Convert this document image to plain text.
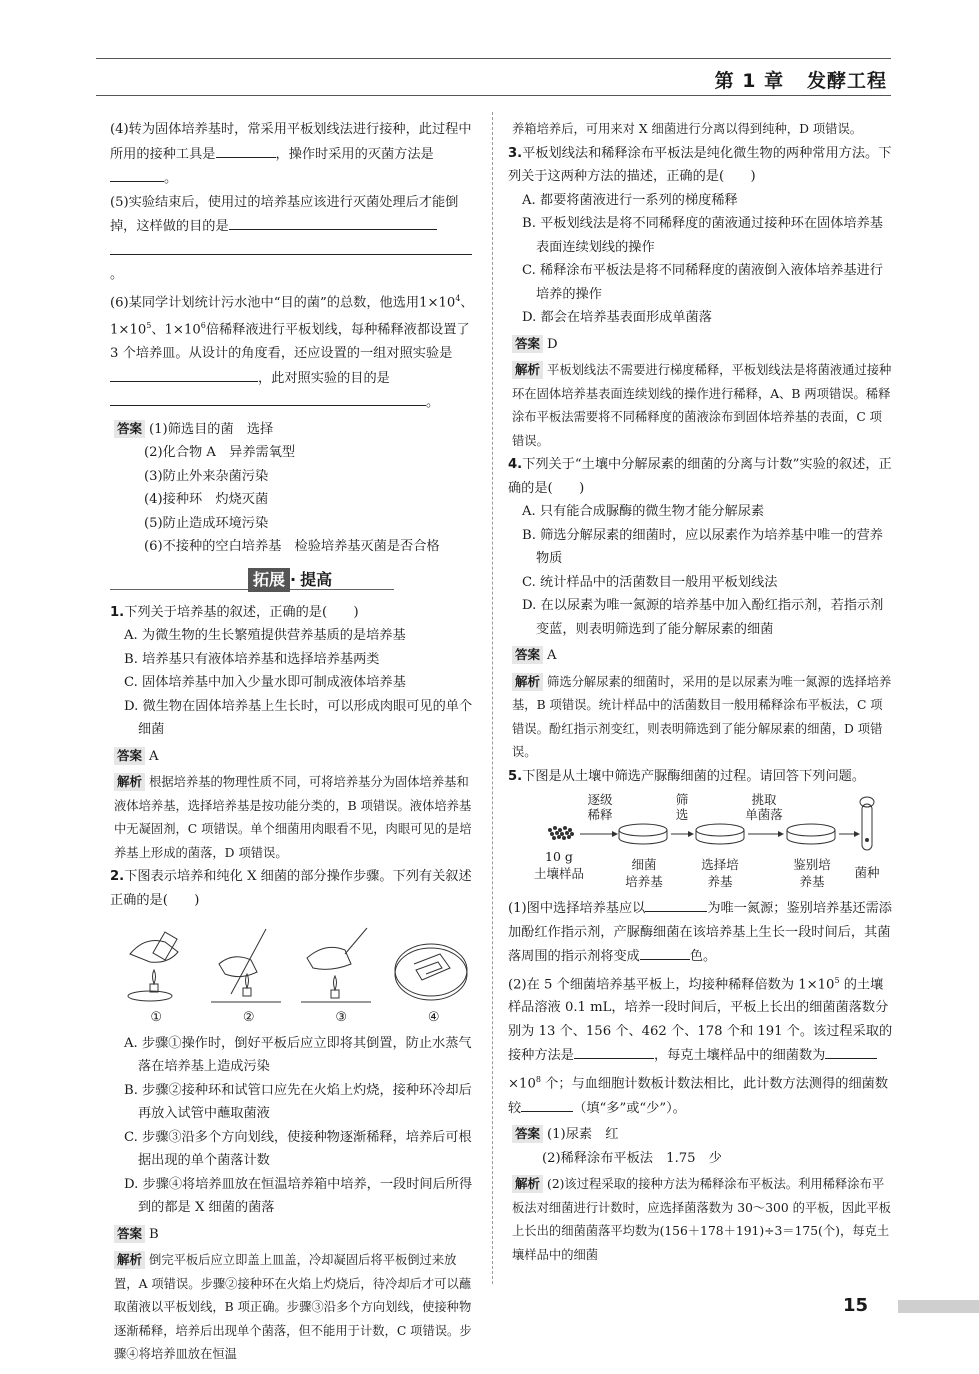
第 1 章 发酵工程

(4)转为固体培养基时，常采用平板划线法进行接种，此过程中所用的接种工具是	，操作时采用的灭菌方法是。

(5)实验结束后，使用过的培养基应该进行灭菌处理后才能倒掉，这样做的目的是
。

(6)某同学计划统计污水池中“目的菌”的总数，他选用$1\times 10^4$、$1\times 10^5$、$1\times 10^6$倍稀释液进行平板划线，每种稀释液都设置了 3 个培养皿。从设计的角度看，还应设置的一组对照实验是，此对照实验的目的是。

答案 (1)筛选目的菌　选择
(2)化合物 A　异养需氧型
(3)防止外来杂菌污染
(4)接种环　灼烧灭菌
(5)防止造成环境污染
(6)不接种的空白培养基　检验培养基灭菌是否合格
拓展 · 提高

1.下列关于培养基的叙述，正确的是(　　)

A. 为微生物的生长繁殖提供营养基质的是培养基

B. 培养基只有液体培养基和选择培养基两类

C. 固体培养基中加入少量水即可制成液体培养基

D. 微生物在固体培养基上生长时，可以形成肉眼可见的单个细菌

答案 A

解析 根据培养基的物理性质不同，可将培养基分为固体培养基和液体培养基，选择培养基是按功能分类的，B 项错误。液体培养基中无凝固剂，C 项错误。单个细菌用肉眼看不见，肉眼可见的是培养基上形成的菌落，D 项错误。

2.下图表示培养和纯化 X 细菌的部分操作步骤。下列有关叙述正确的是(　　)

①	②	③	④

A. 步骤①操作时，倒好平板后应立即将其倒置，防止水蒸气落在培养基上造成污染

B. 步骤②接种环和试管口应先在火焰上灼烧，接种环冷却后再放入试管中蘸取菌液

C. 步骤③沿多个方向划线，使接种物逐渐稀释，培养后可根据出现的单个菌落计数

D. 步骤④将培养皿放在恒温培养箱中培养，一段时间后所得到的都是 X 细菌的菌落

答案 B

解析 倒完平板后应立即盖上皿盖，冷却凝固后将平板倒过来放置，A 项错误。步骤②接种环在火焰上灼烧后，待冷却后才可以蘸取菌液以平板划线，B 项正确。步骤③沿多个方向划线，使接种物逐渐稀释，培养后出现单个菌落，但不能用于计数，C 项错误。步骤④将培养皿放在恒温

养箱培养后，可用来对 X 细菌进行分离以得到纯种，D 项错误。

3.平板划线法和稀释涂布平板法是纯化微生物的两种常用方法。下列关于这两种方法的描述，正确的是(　　)

A. 都要将菌液进行一系列的梯度稀释

B. 平板划线法是将不同稀释度的菌液通过接种环在固体培养基表面连续划线的操作

C. 稀释涂布平板法是将不同稀释度的菌液倒入液体培养基进行培养的操作

D. 都会在培养基表面形成单菌落

答案 D

解析 平板划线法不需要进行梯度稀释，平板划线法是将菌液通过接种环在固体培养基表面连续划线的操作进行稀释，A、B 两项错误。稀释涂布平板法需要将不同稀释度的菌液涂布到固体培养基的表面，C 项错误。

4.下列关于“土壤中分解尿素的细菌的分离与计数”实验的叙述，正确的是(　　)

A. 只有能合成脲酶的微生物才能分解尿素

B. 筛选分解尿素的细菌时，应以尿素作为培养基中唯一的营养物质

C. 统计样品中的活菌数目一般用平板划线法

D. 在以尿素为唯一氮源的培养基中加入酚红指示剂，若指示剂变蓝，则表明筛选到了能分解尿素的细菌

答案 A

解析 筛选分解尿素的细菌时，采用的是以尿素为唯一氮源的选择培养基，B 项错误。统计样品中的活菌数目一般用稀释涂布平板法，C 项错误。酚红指示剂变红，则表明筛选到了能分解尿素的细菌，D 项错误。

5.下图是从土壤中筛选产脲酶细菌的过程。请回答下列问题。

逐级
稀释
筛
选
挑取
单菌落
10 g
土壤样品
细菌
培养基
选择培
养基
鉴别培
养基
菌种

(1)图中选择培养基应以	为唯一氮源；鉴别培养基还需添加酚红作指示剂，产脲酶细菌在该培养基上生长一段时间后，其菌落周围的指示剂将变成	色。

(2)在 5 个细菌培养基平板上，均接种稀释倍数为 $1\times 10^5$ 的土壤样品溶液 0.1 mL，培养一段时间后，平板上长出的细菌菌落数分别为 13 个、156 个、462 个、178 个和 191 个。该过程采取的接种方法是	，每克土壤样品中的细菌数为$\times 10^8$ 个；与血细胞计数板计数法相比，此计数方法测得的细菌数较	（填“多”或“少”）。

答案 (1)尿素　红
(2)稀释涂布平板法　1.75　少

解析 (2)该过程采取的接种方法为稀释涂布平板法。利用稀释涂布平板法对细菌进行计数时，应选择菌落数为 30～300 的平板，因此平板上长出的细菌菌落平均数为(156＋178＋191)÷3＝175(个)，每克土壤样品中的细菌

15
